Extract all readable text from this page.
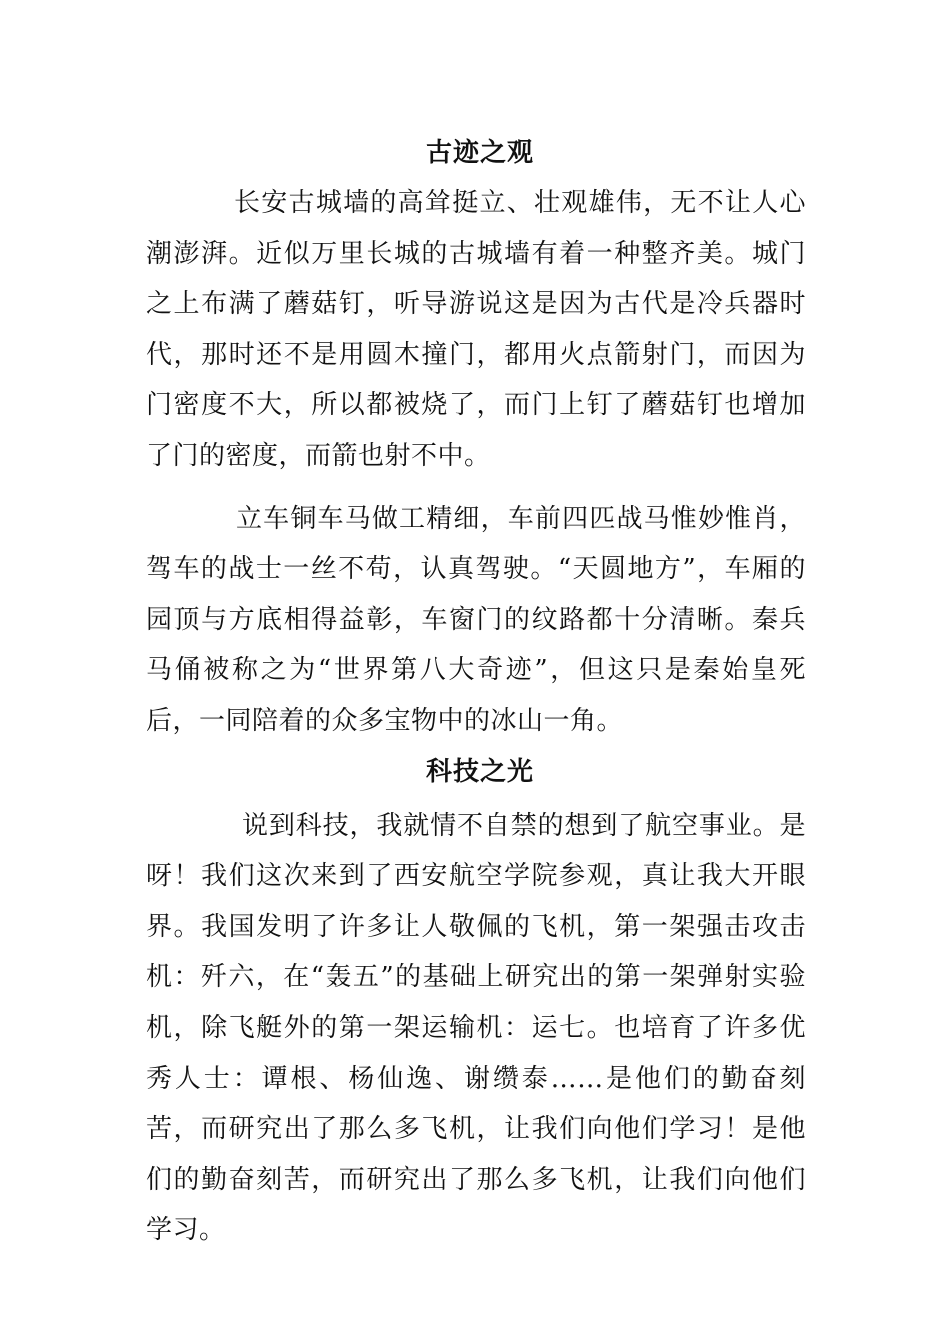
古迹之观

长安古城墙的高耸挺立、壮观雄伟，无不让人心潮澎湃。近似万里长城的古城墙有着一种整齐美。城门之上布满了蘑菇钉，听导游说这是因为古代是冷兵器时代，那时还不是用圆木撞门，都用火点箭射门，而因为门密度不大，所以都被烧了，而门上钉了蘑菇钉也增加了门的密度，而箭也射不中。

立车铜车马做工精细，车前四匹战马惟妙惟肖，驾车的战士一丝不苟，认真驾驶。“天圆地方”，车厢的园顶与方底相得益彰，车窗门的纹路都十分清晰。秦兵马俑被称之为“世界第八大奇迹”，但这只是秦始皇死后，一同陪着的众多宝物中的冰山一角。

科技之光

说到科技，我就情不自禁的想到了航空事业。是呀！我们这次来到了西安航空学院参观，真让我大开眼界。我国发明了许多让人敬佩的飞机，第一架强击攻击机：歼六，在“轰五”的基础上研究出的第一架弹射实验机，除飞艇外的第一架运输机：运七。也培育了许多优秀人士：谭根、杨仙逸、谢缵泰……是他们的勤奋刻苦，而研究出了那么多飞机，让我们向他们学习！是他们的勤奋刻苦，而研究出了那么多飞机，让我们向他们学习。
